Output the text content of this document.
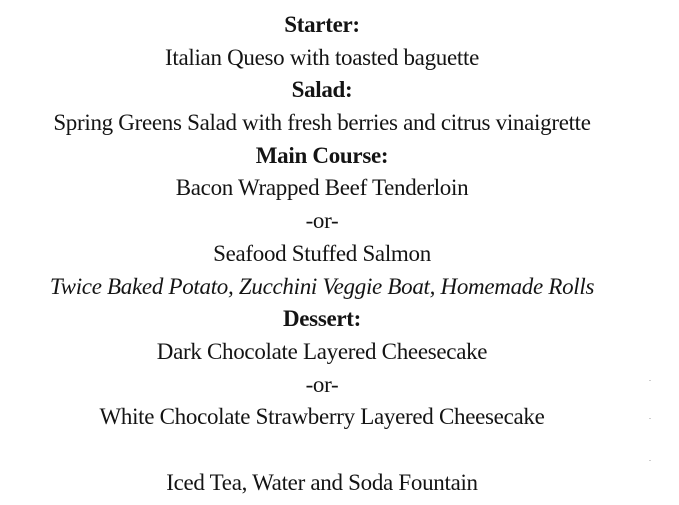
Starter:
Italian Queso with toasted baguette
Salad:
Spring Greens Salad with fresh berries and citrus vinaigrette
Main Course:
Bacon Wrapped Beef Tenderloin
-or-
Seafood Stuffed Salmon
Twice Baked Potato, Zucchini Veggie Boat, Homemade Rolls
Dessert:
Dark Chocolate Layered Cheesecake
-or-
White Chocolate Strawberry Layered Cheesecake
Iced Tea, Water and Soda Fountain
